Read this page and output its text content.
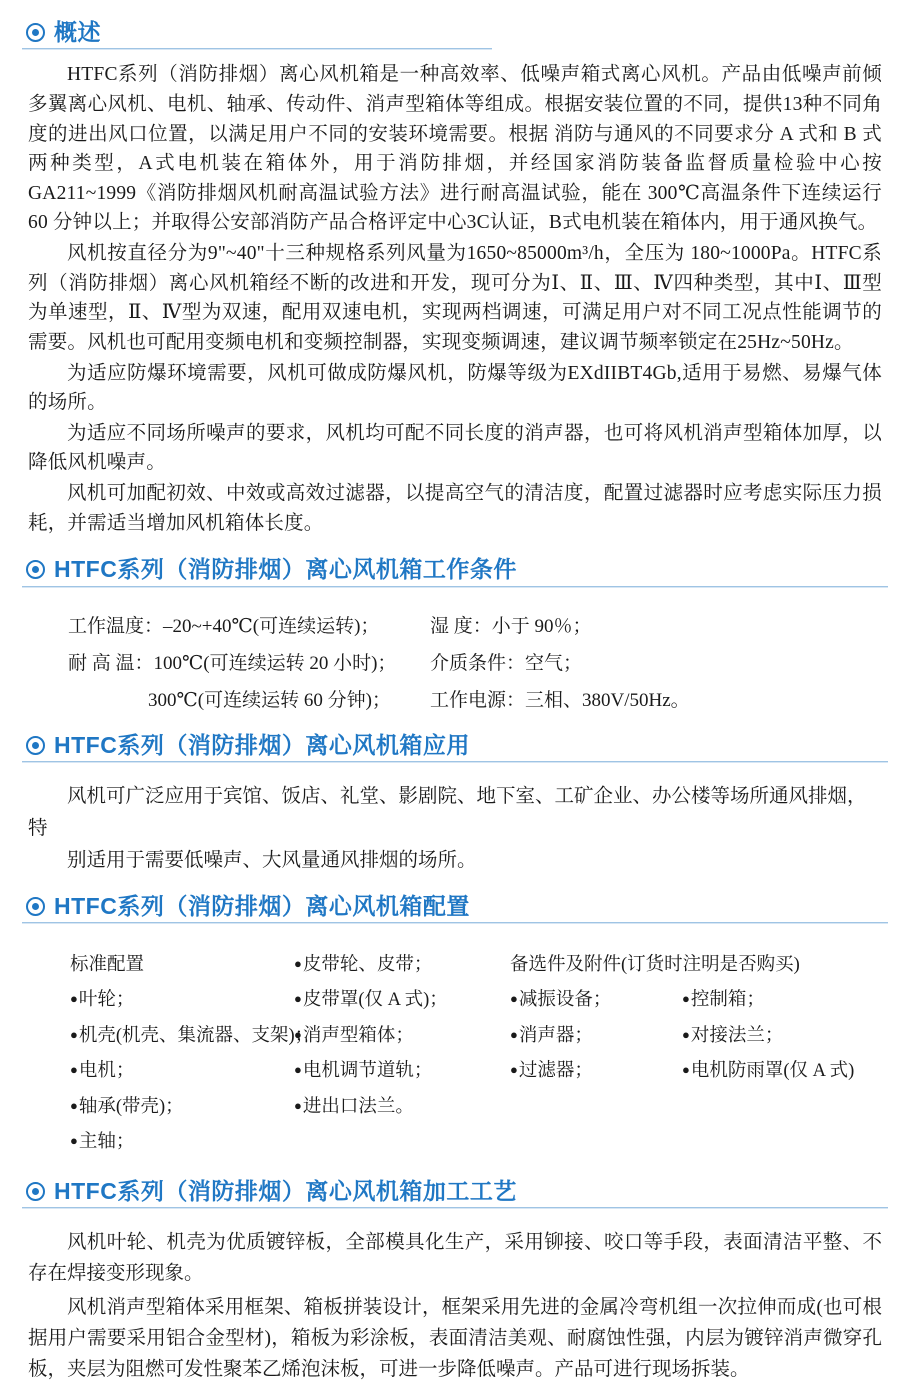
概述

HTFC系列（消防排烟）离心风机箱是一种高效率、低噪声箱式离心风机。产品由低噪声前倾多翼离心风机、电机、轴承、传动件、消声型箱体等组成。根据安装位置的不同，提供13种不同角度的进出风口位置，以满足用户不同的安装环境需要。根据 消防与通风的不同要求分 A 式和 B 式两种类型，A式电机装在箱体外，用于消防排烟，并经国家消防装备监督质量检验中心按 GA211~1999《消防排烟风机耐高温试验方法》进行耐高温试验，能在 300℃高温条件下连续运行 60 分钟以上；并取得公安部消防产品合格评定中心3C认证，B式电机装在箱体内，用于通风换气。

风机按直径分为9"~40"十三种规格系列风量为1650~85000m³/h，全压为 180~1000Pa。HTFC系列（消防排烟）离心风机箱经不断的改进和开发，现可分为Ⅰ、Ⅱ、Ⅲ、Ⅳ四种类型，其中Ⅰ、Ⅲ型为单速型，Ⅱ、Ⅳ型为双速，配用双速电机，实现两档调速，可满足用户对不同工况点性能调节的需要。风机也可配用变频电机和变频控制器，实现变频调速，建议调节频率锁定在25Hz~50Hz。

为适应防爆环境需要，风机可做成防爆风机，防爆等级为EXdIIBT4Gb,适用于易燃、易爆气体的场所。

为适应不同场所噪声的要求，风机均可配不同长度的消声器，也可将风机消声型箱体加厚，以降低风机噪声。

风机可加配初效、中效或高效过滤器，以提高空气的清洁度，配置过滤器时应考虑实际压力损耗，并需适当增加风机箱体长度。

HTFC系列（消防排烟）离心风机箱工作条件
工作温度：–20~+40℃(可连续运转)；
耐 高 温：100℃(可连续运转 20 小时)；
300℃(可连续运转 60 分钟)；
湿 度：小于 90％；
介质条件：空气；
工作电源：三相、380V/50Hz。
HTFC系列（消防排烟）离心风机箱应用

风机可广泛应用于宾馆、饭店、礼堂、影剧院、地下室、工矿企业、办公楼等场所通风排烟，特

别适用于需要低噪声、大风量通风排烟的场所。

HTFC系列（消防排烟）离心风机箱配置
标准配置
● 叶轮；
● 机壳(机壳、集流器、支架)；
● 电机；
● 轴承(带壳)；
● 主轴；
● 皮带轮、皮带；
● 皮带罩(仅 A 式)；
● 消声型箱体；
● 电机调节道轨；
● 进出口法兰。
备选件及附件(订货时注明是否购买)
● 减振设备；
● 消声器；
● 过滤器；
● 控制箱；
● 对接法兰；
● 电机防雨罩(仅 A 式)
HTFC系列（消防排烟）离心风机箱加工工艺

风机叶轮、机壳为优质镀锌板，全部模具化生产，采用铆接、咬口等手段，表面清洁平整、不存在焊接变形现象。

风机消声型箱体采用框架、箱板拼装设计，框架采用先进的金属冷弯机组一次拉伸而成(也可根据用户需要采用铝合金型材)，箱板为彩涂板，表面清洁美观、耐腐蚀性强，内层为镀锌消声微穿孔板，夹层为阻燃可发性聚苯乙烯泡沫板，可进一步降低噪声。产品可进行现场拆装。
